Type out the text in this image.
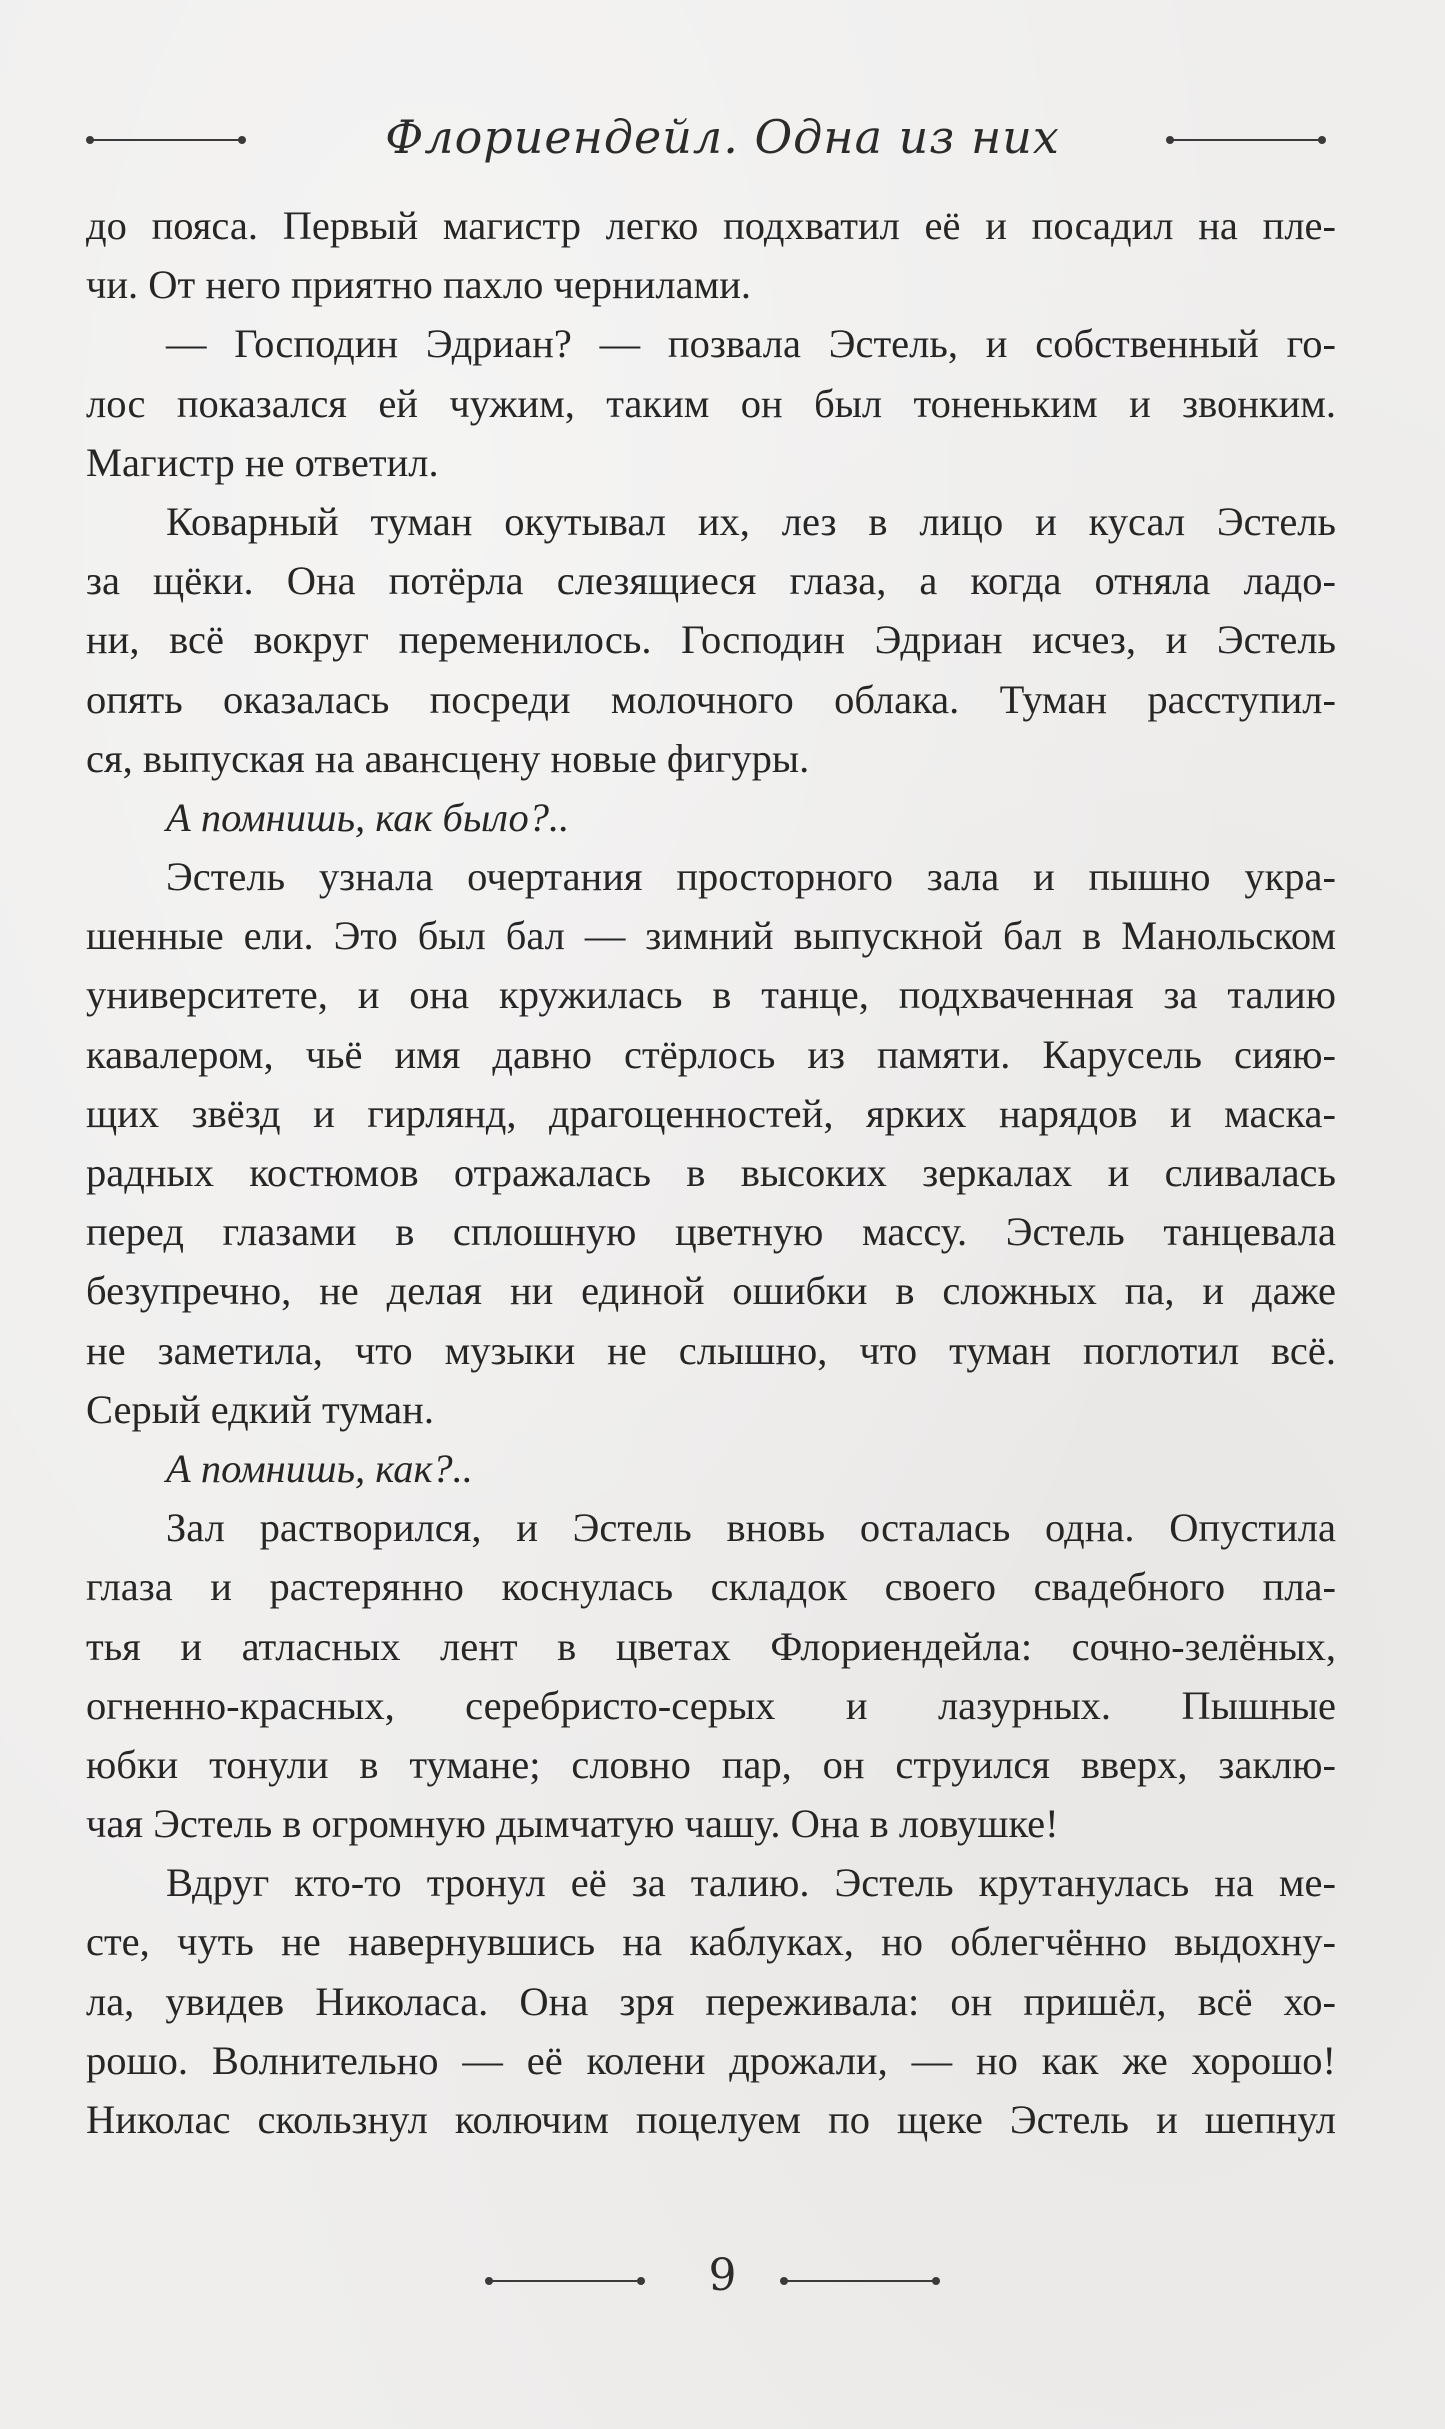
Флориендейл. Одна из них
до пояса. Первый магистр легко подхватил её и посадил на пле-
чи. От него приятно пахло чернилами.
— Господин Эдриан? — позвала Эстель, и собственный го-
лос показался ей чужим, таким он был тоненьким и звонким.
Магистр не ответил.
Коварный туман окутывал их, лез в лицо и кусал Эстель
за щёки. Она потёрла слезящиеся глаза, а когда отняла ладо-
ни, всё вокруг переменилось. Господин Эдриан исчез, и Эстель
опять оказалась посреди молочного облака. Туман расступил-
ся, выпуская на авансцену новые фигуры.
А помнишь, как было?..
Эстель узнала очертания просторного зала и пышно укра-
шенные ели. Это был бал — зимний выпускной бал в Манольском
университете, и она кружилась в танце, подхваченная за талию
кавалером, чьё имя давно стёрлось из памяти. Карусель сияю-
щих звёзд и гирлянд, драгоценностей, ярких нарядов и маска-
радных костюмов отражалась в высоких зеркалах и сливалась
перед глазами в сплошную цветную массу. Эстель танцевала
безупречно, не делая ни единой ошибки в сложных па, и даже
не заметила, что музыки не слышно, что туман поглотил всё.
Серый едкий туман.
А помнишь, как?..
Зал растворился, и Эстель вновь осталась одна. Опустила
глаза и растерянно коснулась складок своего свадебного пла-
тья и атласных лент в цветах Флориендейла: сочно-зелёных,
огненно-красных, серебристо-серых и лазурных. Пышные
юбки тонули в тумане; словно пар, он струился вверх, заклю-
чая Эстель в огромную дымчатую чашу. Она в ловушке!
Вдруг кто-то тронул её за талию. Эстель крутанулась на ме-
сте, чуть не навернувшись на каблуках, но облегчённо выдохну-
ла, увидев Николаса. Она зря переживала: он пришёл, всё хо-
рошо. Волнительно — её колени дрожали, — но как же хорошо!
Николас скользнул колючим поцелуем по щеке Эстель и шепнул
9
